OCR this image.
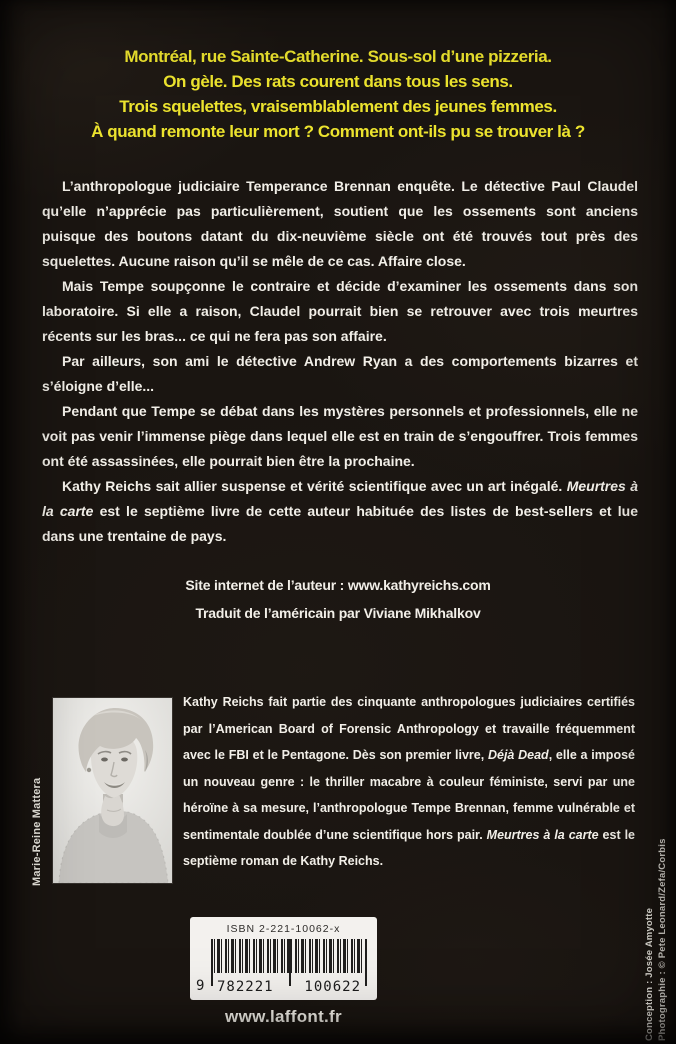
Montréal, rue Sainte-Catherine. Sous-sol d’une pizzeria.
On gèle. Des rats courent dans tous les sens.
Trois squelettes, vraisemblablement des jeunes femmes.
À quand remonte leur mort ? Comment ont-ils pu se trouver là ?

L’anthropologue judiciaire Temperance Brennan enquête. Le détective Paul Claudel qu’elle n’apprécie pas particulièrement, soutient que les ossements sont anciens puisque des boutons datant du dix-neuvième siècle ont été trouvés tout près des squelettes. Aucune raison qu’il se mêle de ce cas. Affaire close.

Mais Tempe soupçonne le contraire et décide d’examiner les ossements dans son laboratoire. Si elle a raison, Claudel pourrait bien se retrouver avec trois meurtres récents sur les bras... ce qui ne fera pas son affaire.

Par ailleurs, son ami le détective Andrew Ryan a des comportements bizarres et s’éloigne d’elle...

Pendant que Tempe se débat dans les mystères personnels et professionnels, elle ne voit pas venir l’immense piège dans lequel elle est en train de s’engouffrer. Trois femmes ont été assassinées, elle pourrait bien être la prochaine.

Kathy Reichs sait allier suspense et vérité scientifique avec un art inégalé. Meurtres à la carte est le septième livre de cette auteur habituée des listes de best-sellers et lue dans une trentaine de pays.

Site internet de l’auteur : www.kathyreichs.com
Traduit de l’américain par Viviane Mikhalkov
Marie-Reine Mattera

Kathy Reichs fait partie des cinquante anthropologues judiciaires certifiés par l’American Board of Forensic Anthropology et travaille fréquemment avec le FBI et le Pentagone. Dès son premier livre, Déjà Dead, elle a imposé un nouveau genre : le thriller macabre à couleur féministe, servi par une héroïne à sa mesure, l’anthropologue Tempe Brennan, femme vulnérable et sentimentale doublée d’une scientifique hors pair. Meurtres à la carte est le septième roman de Kathy Reichs.

ISBN 2-221-10062-x
9 782221 100622
www.laffont.fr	Conception : Josée Amyotte Photographie : © Pete Leonard/Zefa/Corbis
